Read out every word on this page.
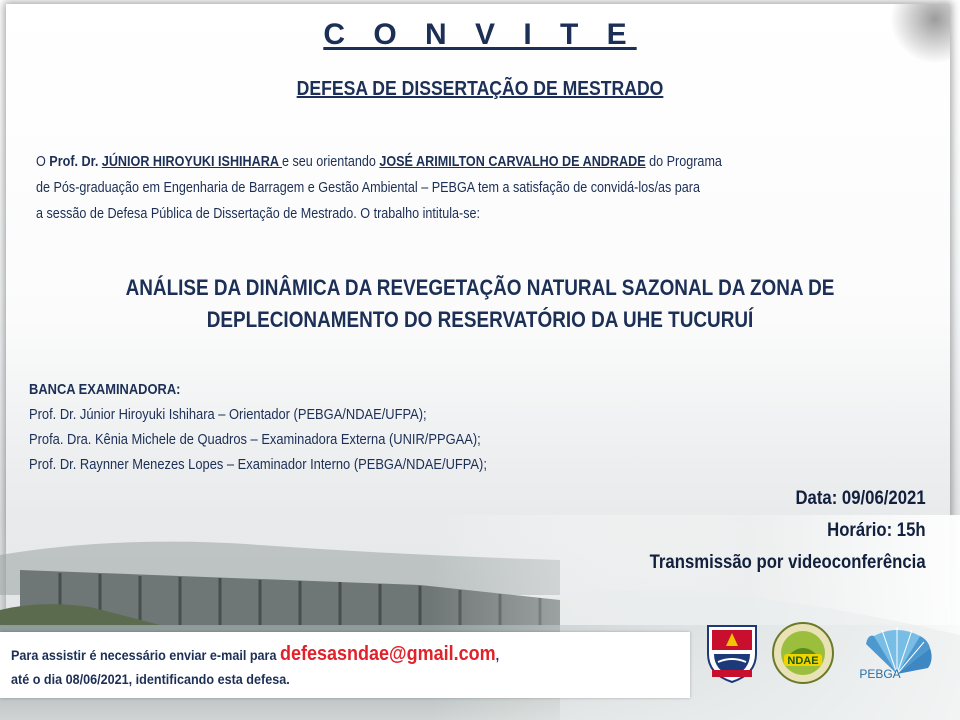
C O N V I T E
DEFESA DE DISSERTAÇÃO DE MESTRADO
O Prof. Dr. JÚNIOR HIROYUKI ISHIHARA e seu orientando JOSÉ ARIMILTON CARVALHO DE ANDRADE do Programa
de Pós-graduação em Engenharia de Barragem e Gestão Ambiental – PEBGA tem a satisfação de convidá-los/as para
a sessão de Defesa Pública de Dissertação de Mestrado. O trabalho intitula-se:
ANÁLISE DA DINÂMICA DA REVEGETAÇÃO NATURAL SAZONAL DA ZONA DE
DEPLECIONAMENTO DO RESERVATÓRIO DA UHE TUCURUÍ
BANCA EXAMINADORA:
Prof. Dr. Júnior Hiroyuki Ishihara – Orientador (PEBGA/NDAE/UFPA);
Profa. Dra. Kênia Michele de Quadros – Examinadora Externa (UNIR/PPGAA);
Prof. Dr. Raynner Menezes Lopes – Examinador Interno (PEBGA/NDAE/UFPA);
Data: 09/06/2021
Horário: 15h
Transmissão por videoconferência
Para assistir é necessário enviar e-mail para defesasndae@gmail.com,
até o dia 08/06/2021, identificando esta defesa.
NDAE
PEBGA
